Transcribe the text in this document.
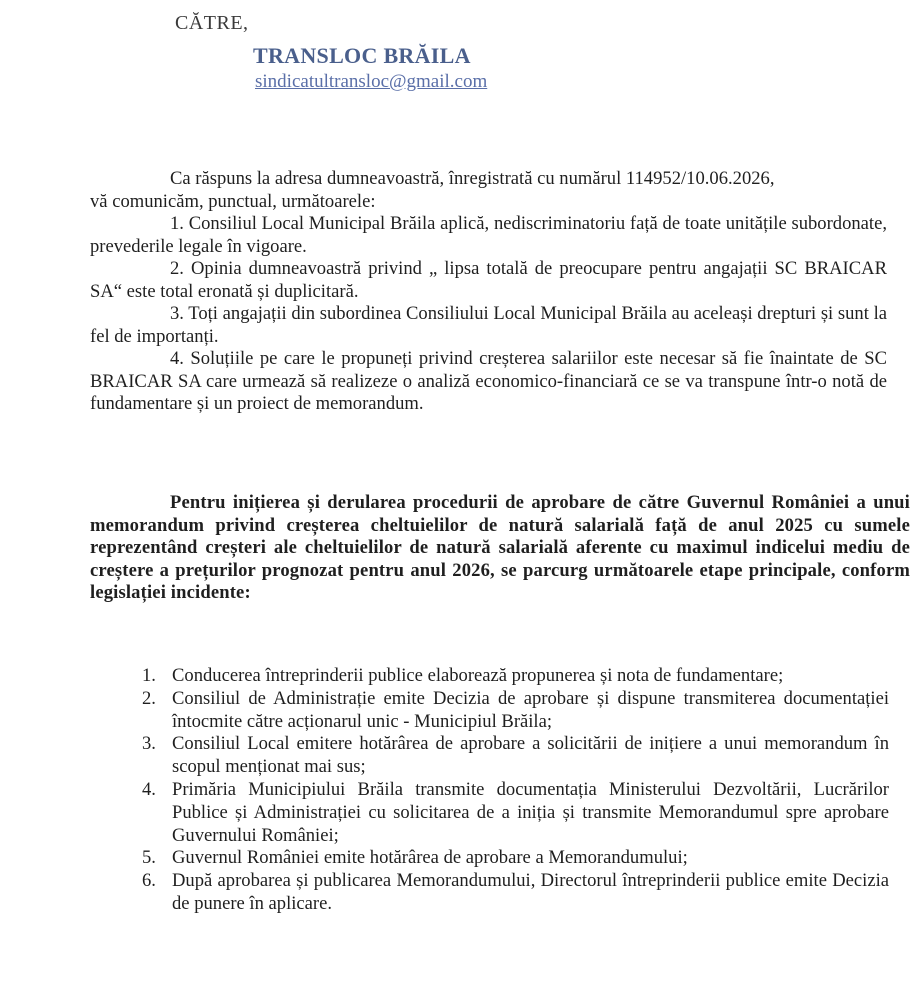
CĂTRE,
TRANSLOC BRĂILA
sindicatultransloc@gmail.com

Ca răspuns la adresa dumneavoastră, înregistrată cu numărul 114952/10.06.2026,

vă comunicăm, punctual, următoarele:

1. Consiliul Local Municipal Brăila aplică, nediscriminatoriu față de toate unitățile subordonate, prevederile legale în vigoare.

2. Opinia dumneavoastră privind „ lipsa totală de preocupare pentru angajații SC BRAICAR SA“ este total eronată și duplicitară.

3. Toți angajații din subordinea Consiliului Local Municipal Brăila au aceleași drepturi și sunt la fel de importanți.

4. Soluțiile pe care le propuneți privind creșterea salariilor este necesar să fie înaintate de SC BRAICAR SA care urmează să realizeze o analiză economico-financiară ce se va transpune într-o notă de fundamentare și un proiect de memorandum.

Pentru inițierea și derularea procedurii de aprobare de către Guvernul României a unui memorandum privind creșterea cheltuielilor de natură salarială față de anul 2025 cu sumele reprezentând creșteri ale cheltuielilor de natură salarială aferente cu maximul indicelui mediu de creștere a prețurilor prognozat pentru anul 2026, se parcurg următoarele etape principale, conform legislației incidente:
1. Conducerea întreprinderii publice elaborează propunerea și nota de fundamentare;
2. Consiliul de Administrație emite Decizia de aprobare și dispune transmiterea documentației întocmite către acționarul unic - Municipiul Brăila;
3. Consiliul Local emitere hotărârea de aprobare a solicitării de inițiere a unui memorandum în scopul menționat mai sus;
4. Primăria Municipiului Brăila transmite documentația Ministerului Dezvoltării, Lucrărilor Publice și Administrației cu solicitarea de a iniția și transmite Memorandumul spre aprobare Guvernului României;
5. Guvernul României emite hotărârea de aprobare a Memorandumului;
6. După aprobarea și publicarea Memorandumului, Directorul întreprinderii publice emite Decizia de punere în aplicare.
